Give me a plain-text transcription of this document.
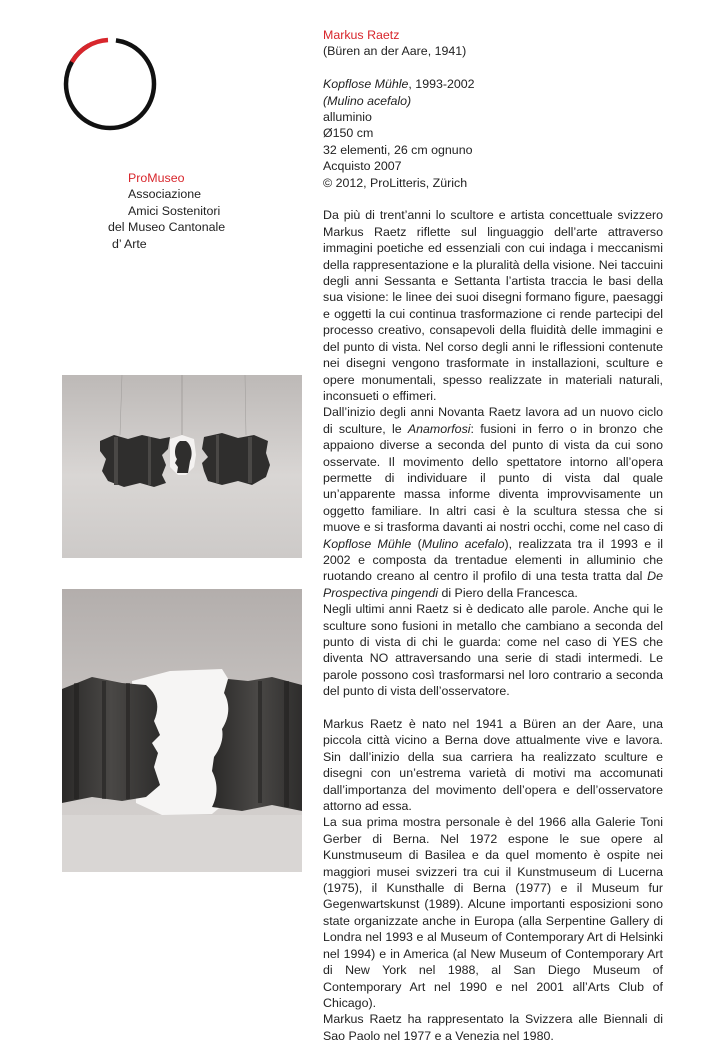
ProMuseo
Associazione
Amici Sostenitori
del Museo Cantonale
d’ Arte
Markus Raetz
(Büren an der Aare, 1941)
Kopflose Mühle, 1993-2002
(Mulino acefalo)
alluminio
Ø150 cm
32 elementi, 26 cm ognuno
Acquisto 2007
© 2012, ProLitteris, Zürich

Da più di trent’anni lo scultore e artista concettuale svizzero Markus Raetz riflette sul linguaggio dell’arte attraverso immagini poetiche ed essenziali con cui indaga i meccanismi della rappresentazione e la pluralità della visione. Nei taccuini degli anni Sessanta e Settanta l’artista traccia le basi della sua visione: le linee dei suoi disegni formano figure, paesaggi e oggetti la cui continua trasformazione ci rende partecipi del processo creativo, consapevoli della fluidità delle immagini e del punto di vista. Nel corso degli anni le riflessioni contenute nei disegni vengono trasformate in installazioni, sculture e opere monumentali, spesso realizzate in materiali naturali, inconsueti o effimeri.

Dall’inizio degli anni Novanta Raetz lavora ad un nuovo ciclo di sculture, le Anamorfosi: fusioni in ferro o in bronzo che appaiono diverse a seconda del punto di vista da cui sono osservate. Il movimento dello spettatore intorno all’opera permette di individuare il punto di vista dal quale un’apparente massa informe diventa improvvisamente un oggetto familiare. In altri casi è la scultura stessa che si muove e si trasforma davanti ai nostri occhi, come nel caso di Kopflose Mühle (Mulino acefalo), realizzata tra il 1993 e il 2002 e composta da trentadue elementi in alluminio che ruotando creano al centro il profilo di una testa tratta dal De Prospectiva pingendi di Piero della Francesca.

Negli ultimi anni Raetz si è dedicato alle parole. Anche qui le sculture sono fusioni in metallo che cambiano a seconda del punto di vista di chi le guarda: come nel caso di YES che diventa NO attraversando una serie di stadi intermedi. Le parole possono così trasformarsi nel loro contrario a seconda del punto di vista dell’osservatore.

Markus Raetz è nato nel 1941 a Büren an der Aare, una piccola città vicino a Berna dove attualmente vive e lavora. Sin dall’inizio della sua carriera ha realizzato sculture e disegni con un’estrema varietà di motivi ma accomunati dall’importanza del movimento dell’opera e dell’osservatore attorno ad essa.

La sua prima mostra personale è del 1966 alla Galerie Toni Gerber di Berna. Nel 1972 espone le sue opere al Kunstmuseum di Basilea e da quel momento è ospite nei maggiori musei svizzeri tra cui il Kunstmuseum di Lucerna (1975), il Kunsthalle di Berna (1977) e il Museum fur Gegenwartskunst (1989). Alcune importanti esposizioni sono state organizzate anche in Europa (alla Serpentine Gallery di Londra nel 1993 e al Museum of Contemporary Art di Helsinki nel 1994) e in America (al New Museum of Contemporary Art di New York nel 1988, al San Diego Museum of Contemporary Art nel 1990 e nel 2001 all’Arts Club of Chicago).

Markus Raetz ha rappresentato la Svizzera alle Biennali di Sao Paolo nel 1977 e a Venezia nel 1980.
